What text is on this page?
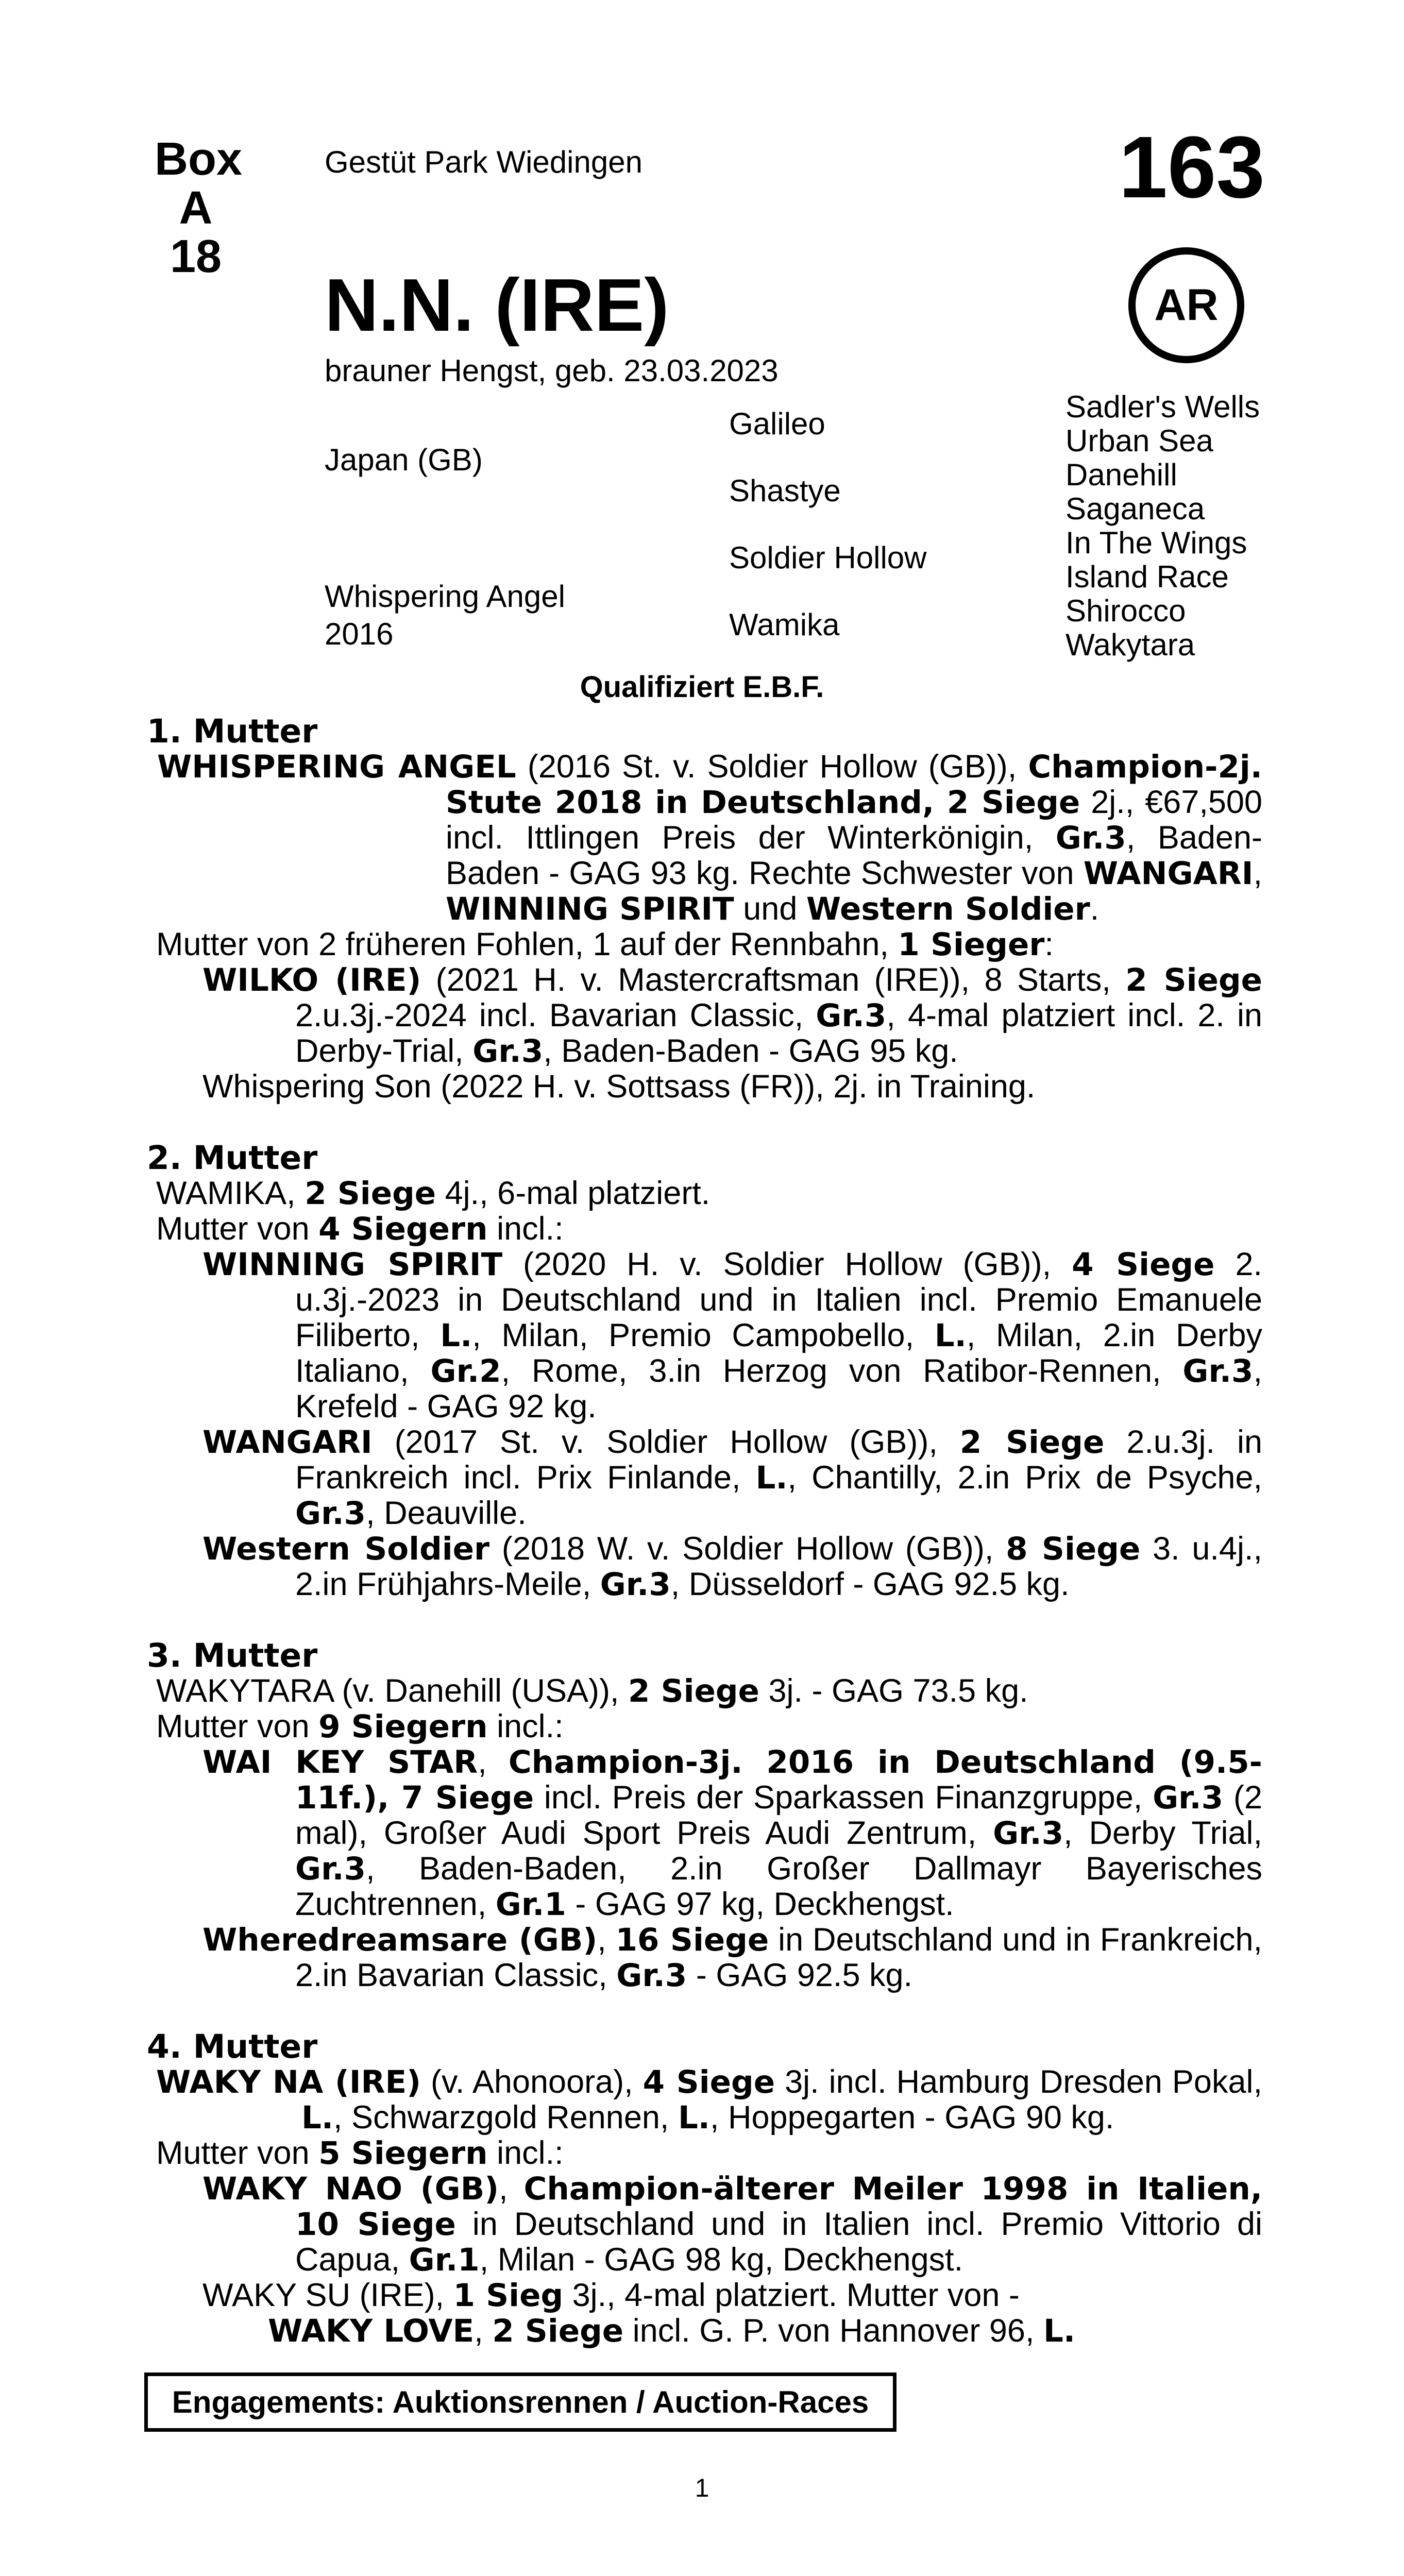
Box
A 18
Gestüt Park Wiedingen	163
AR
N.N. (IRE)
brauner Hengst, geb. 23.03.2023
Japan (GB)
Whispering Angel
2016
Galileo
Shastye
Soldier Hollow
Wamika
Sadler's Wells
Urban Sea
Danehill
Saganeca
In The Wings
Island Race
Shirocco
Wakytara
Qualifiziert E.B.F.

1. Mutter

WHISPERING ANGEL (2016 St. v. Soldier Hollow (GB)), Champion-2j. Stute 2018 in Deutschland, 2 Siege 2j., €67,500 incl. Ittlingen Preis der Winterkönigin, Gr.3, Baden-Baden - GAG 93 kg. Rechte Schwester von WANGARI, WINNING SPIRIT und Western Soldier.

Mutter von 2 früheren Fohlen, 1 auf der Rennbahn, 1 Sieger:

WILKO (IRE) (2021 H. v. Mastercraftsman (IRE)), 8 Starts, 2 Siege 2.u.3j.-2024 incl. Bavarian Classic, Gr.3, 4-mal platziert incl. 2. in Derby-Trial, Gr.3, Baden-Baden - GAG 95 kg.

Whispering Son (2022 H. v. Sottsass (FR)), 2j. in Training.

2. Mutter

WAMIKA, 2 Siege 4j., 6-mal platziert.

Mutter von 4 Siegern incl.:

WINNING SPIRIT (2020 H. v. Soldier Hollow (GB)), 4 Siege 2. u.3j.-2023 in Deutschland und in Italien incl. Premio Emanuele Filiberto, L., Milan, Premio Campobello, L., Milan, 2.in Derby Italiano, Gr.2, Rome, 3.in Herzog von Ratibor-Rennen, Gr.3, Krefeld - GAG 92 kg.

WANGARI (2017 St. v. Soldier Hollow (GB)), 2 Siege 2.u.3j. in Frankreich incl. Prix Finlande, L., Chantilly, 2.in Prix de Psyche, Gr.3, Deauville.

Western Soldier (2018 W. v. Soldier Hollow (GB)), 8 Siege 3. u.4j., 2.in Frühjahrs-Meile, Gr.3, Düsseldorf - GAG 92.5 kg.

3. Mutter

WAKYTARA (v. Danehill (USA)), 2 Siege 3j. - GAG 73.5 kg.

Mutter von 9 Siegern incl.:

WAI KEY STAR, Champion-3j. 2016 in Deutschland (9.5-11f.), 7 Siege incl. Preis der Sparkassen Finanzgruppe, Gr.3 (2 mal), Großer Audi Sport Preis Audi Zentrum, Gr.3, Derby Trial, Gr.3, Baden-Baden, 2.in Großer Dallmayr Bayerisches Zuchtrennen, Gr.1 - GAG 97 kg, Deckhengst.

Wheredreamsare (GB), 16 Siege in Deutschland und in Frankreich, 2.in Bavarian Classic, Gr.3 - GAG 92.5 kg.

4. Mutter

WAKY NA (IRE) (v. Ahonoora), 4 Siege 3j. incl. Hamburg Dresden Pokal, L., Schwarzgold Rennen, L., Hoppegarten - GAG 90 kg.

Mutter von 5 Siegern incl.:

WAKY NAO (GB), Champion-älterer Meiler 1998 in Italien, 10 Siege in Deutschland und in Italien incl. Premio Vittorio di Capua, Gr.1, Milan - GAG 98 kg, Deckhengst.

WAKY SU (IRE), 1 Sieg 3j., 4-mal platziert. Mutter von -

WAKY LOVE, 2 Siege incl. G. P. von Hannover 96, L.

Engagements: Auktionsrennen / Auction-Races
1
